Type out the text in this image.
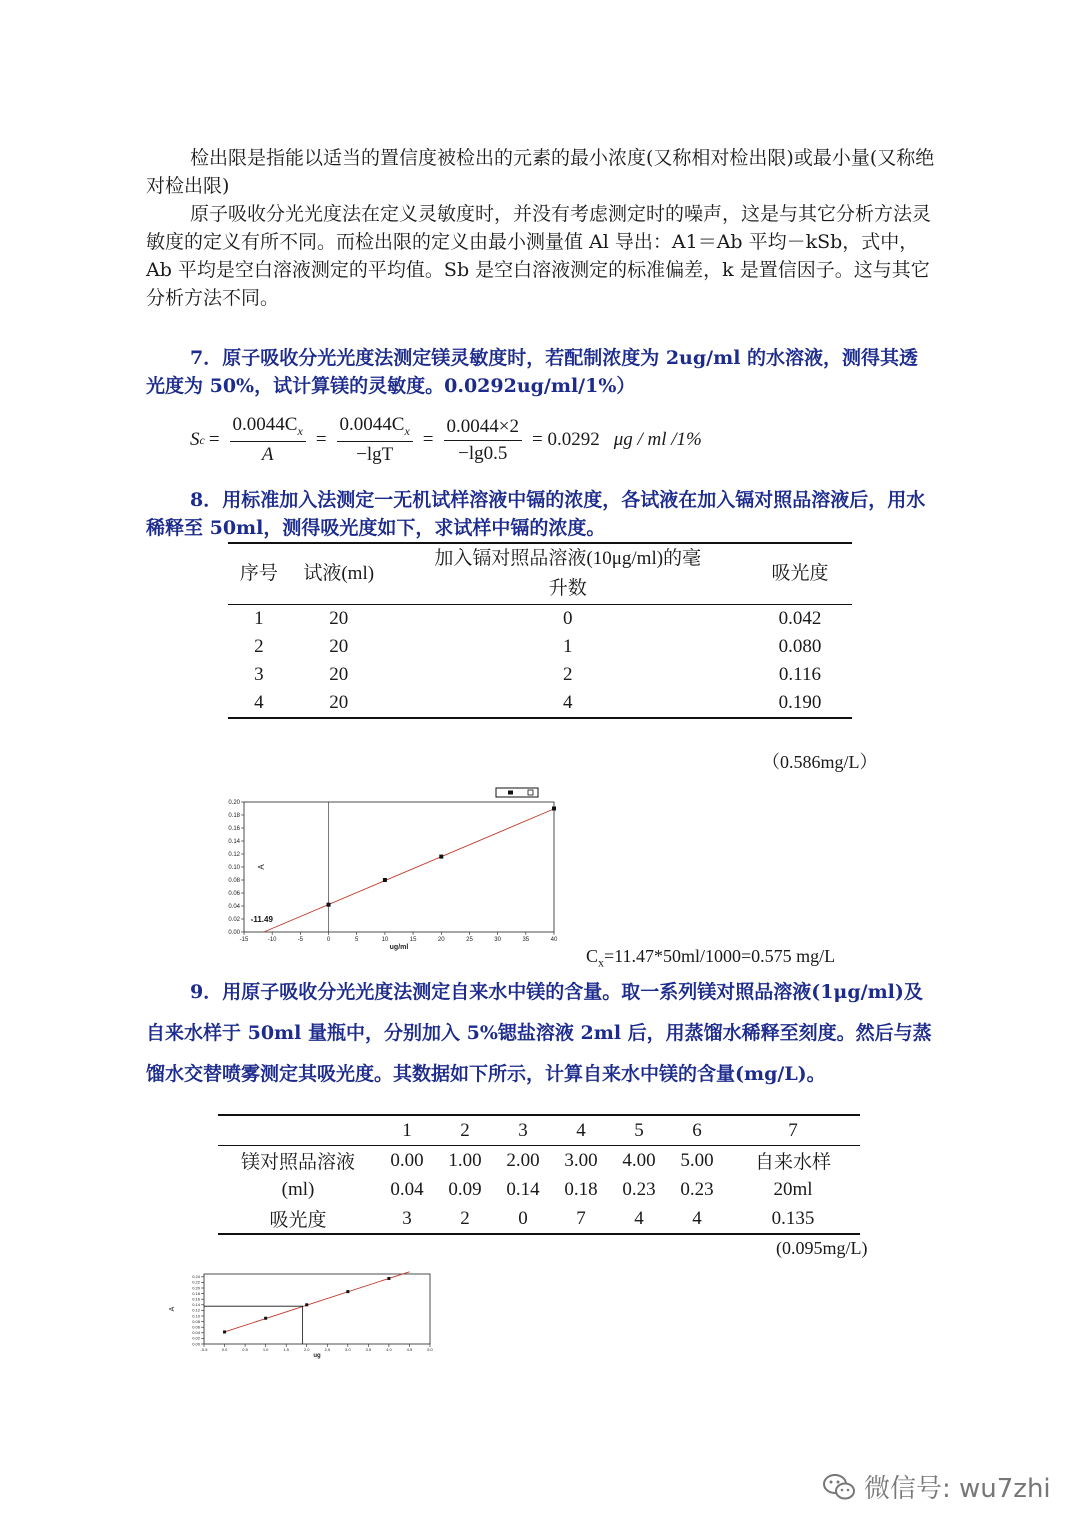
检出限是指能以适当的置信度被检出的元素的最小浓度(又称相对检出限)或最小量(又称绝对检出限)

原子吸收分光光度法在定义灵敏度时，并没有考虑测定时的噪声，这是与其它分析方法灵敏度的定义有所不同。而检出限的定义由最小测量值 Al 导出：A1＝Ab 平均－kSb，式中，Ab 平均是空白溶液测定的平均值。Sb 是空白溶液测定的标准偏差，k 是置信因子。这与其它分析方法不同。

7．原子吸收分光光度法测定镁灵敏度时，若配制浓度为 2ug/ml 的水溶液，测得其透光度为 50%，试计算镁的灵敏度。0.0292ug/ml/1%）

S $c = \frac{0.0044C_x}{A} = \frac{0.0044C_x}{-\lg T} = \frac{0.0044\times 2}{-\lg 0.5} = 0.0292$ μg / ml /1%

8．用标准加入法测定一无机试样溶液中镉的浓度，各试液在加入镉对照品溶液后，用水稀释至 50ml，测得吸光度如下，求试样中镉的浓度。

序号	试液(ml)	加入镉对照品溶液(10μg/ml)的毫升数	吸光度
1	20	0	0.042
2	20	1	0.080
3	20	2	0.116
4	20	4	0.190
（0.586mg/L）
-15	-10	-5	0	5	10	15	20	25	30	35	40
0.00
0.02
0.04
0.06
0.08
0.10
0.12
0.14
0.16
0.18
0.20
ug/ml
A
-11.49
$C_x=11.47*50ml/1000=0.575$ mg/L

9．用原子吸收分光光度法测定自来水中镁的含量。取一系列镁对照品溶液(1μg/ml)及自来水样于 50ml 量瓶中，分别加入 5%锶盐溶液 2ml 后，用蒸馏水稀释至刻度。然后与蒸馏水交替喷雾测定其吸光度。其数据如下所示，计算自来水中镁的含量(mg/L)。

	1	2	3	4	5	6	7
镁对照品溶液	0.00	1.00	2.00	3.00	4.00	5.00	自来水样
(ml)	0.04	0.09	0.14	0.18	0.23	0.23	20ml
吸光度	3	2	0	7	4	4	0.135
(0.095mg/L)
-0.5	0.0	0.5	1.0	1.5	2.0	2.5	3.0	3.5	4.0	4.5	5.0
0.00
0.02
0.04
0.06
0.08
0.10
0.12
0.14
0.16
0.18
0.20
0.22
0.24
ug
A
微信号: wu7zhi
